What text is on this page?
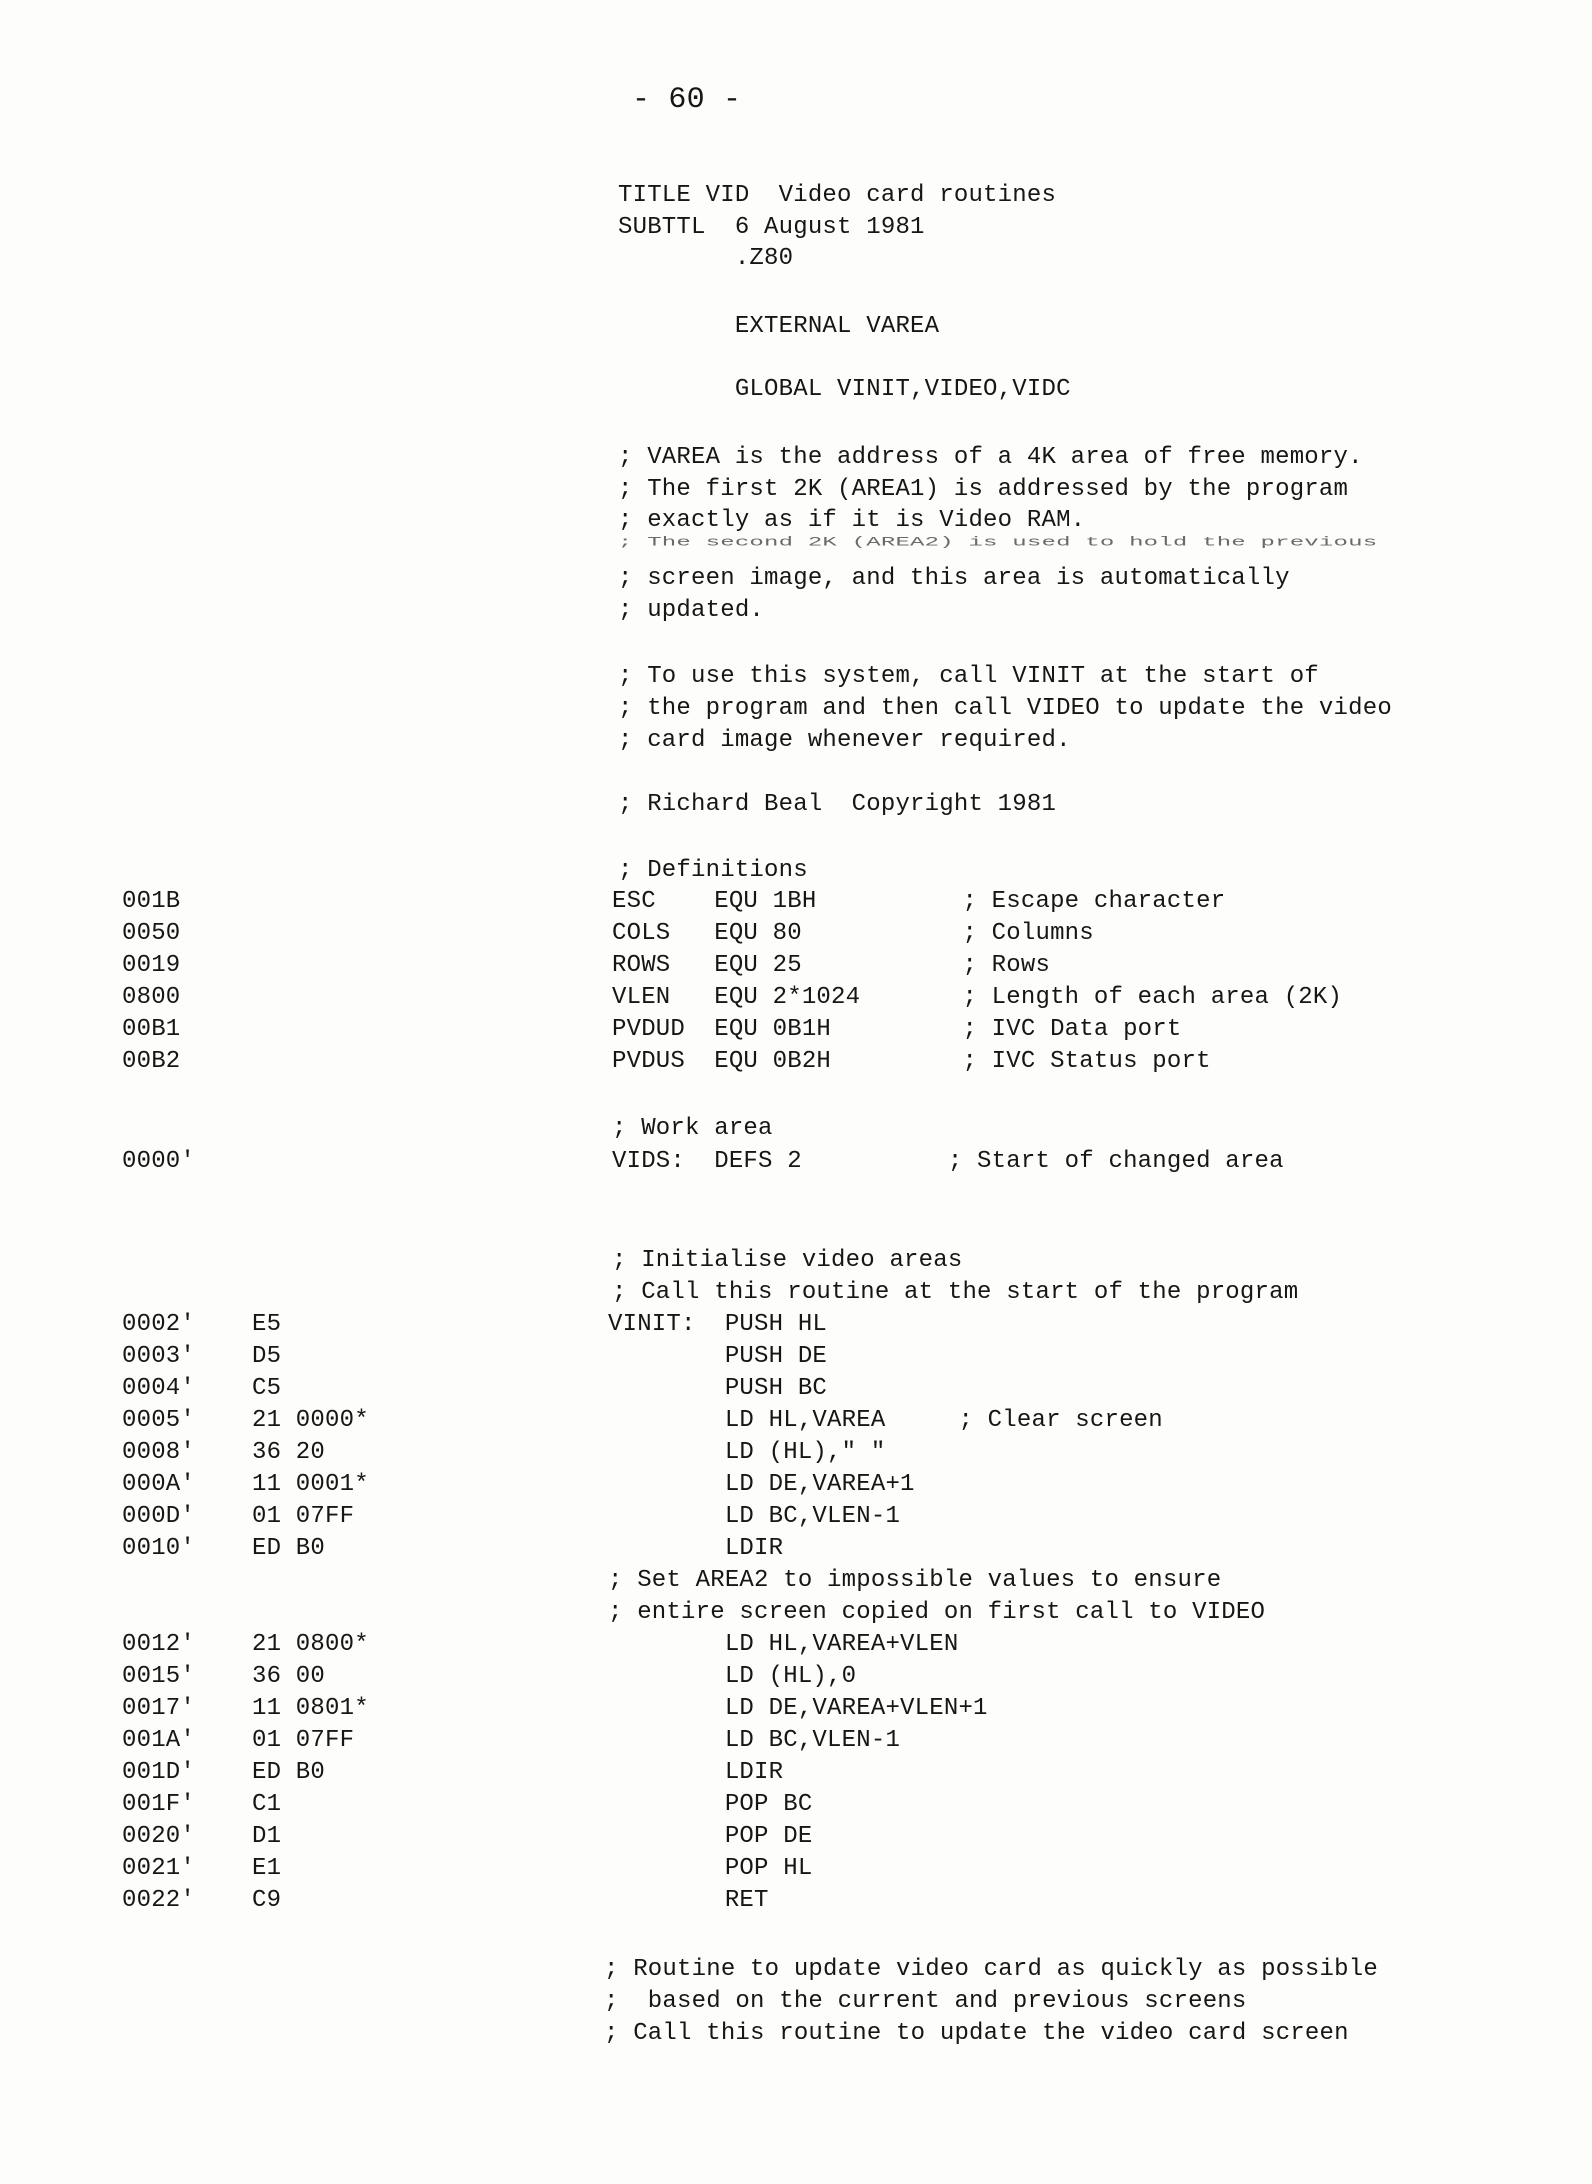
- 60 -
TITLE VID  Video card routines
SUBTTL  6 August 1981
.Z80
EXTERNAL VAREA
GLOBAL VINIT,VIDEO,VIDC
; VAREA is the address of a 4K area of free memory.
; The first 2K (AREA1) is addressed by the program
; exactly as if it is Video RAM.
; The second 2K (AREA2) is used to hold the previous
; screen image, and this area is automatically
; updated.
; To use this system, call VINIT at the start of
; the program and then call VIDEO to update the video
; card image whenever required.
; Richard Beal  Copyright 1981
; Definitions
001B	ESC    EQU 1BH          ; Escape character
0050	COLS   EQU 80           ; Columns
0019	ROWS   EQU 25           ; Rows
0800	VLEN   EQU 2*1024       ; Length of each area (2K)
00B1	PVDUD  EQU 0B1H         ; IVC Data port
00B2	PVDUS  EQU 0B2H         ; IVC Status port
; Work area
0000'	VIDS:  DEFS 2          ; Start of changed area
; Initialise video areas
; Call this routine at the start of the program
0002' E5	VINIT:  PUSH HL
0003' D5	PUSH DE
0004' C5	PUSH BC
0005' 21 0000*	LD HL,VAREA     ; Clear screen
0008' 36 20	LD (HL)," "
000A' 11 0001*	LD DE,VAREA+1
000D' 01 07FF	LD BC,VLEN-1
0010' ED B0	LDIR
; Set AREA2 to impossible values to ensure
; entire screen copied on first call to VIDEO
0012' 21 0800*	LD HL,VAREA+VLEN
0015' 36 00	LD (HL),0
0017' 11 0801*	LD DE,VAREA+VLEN+1
001A' 01 07FF	LD BC,VLEN-1
001D' ED B0	LDIR
001F' C1	POP BC
0020' D1	POP DE
0021' E1	POP HL
0022' C9	RET
; Routine to update video card as quickly as possible
;  based on the current and previous screens
; Call this routine to update the video card screen
